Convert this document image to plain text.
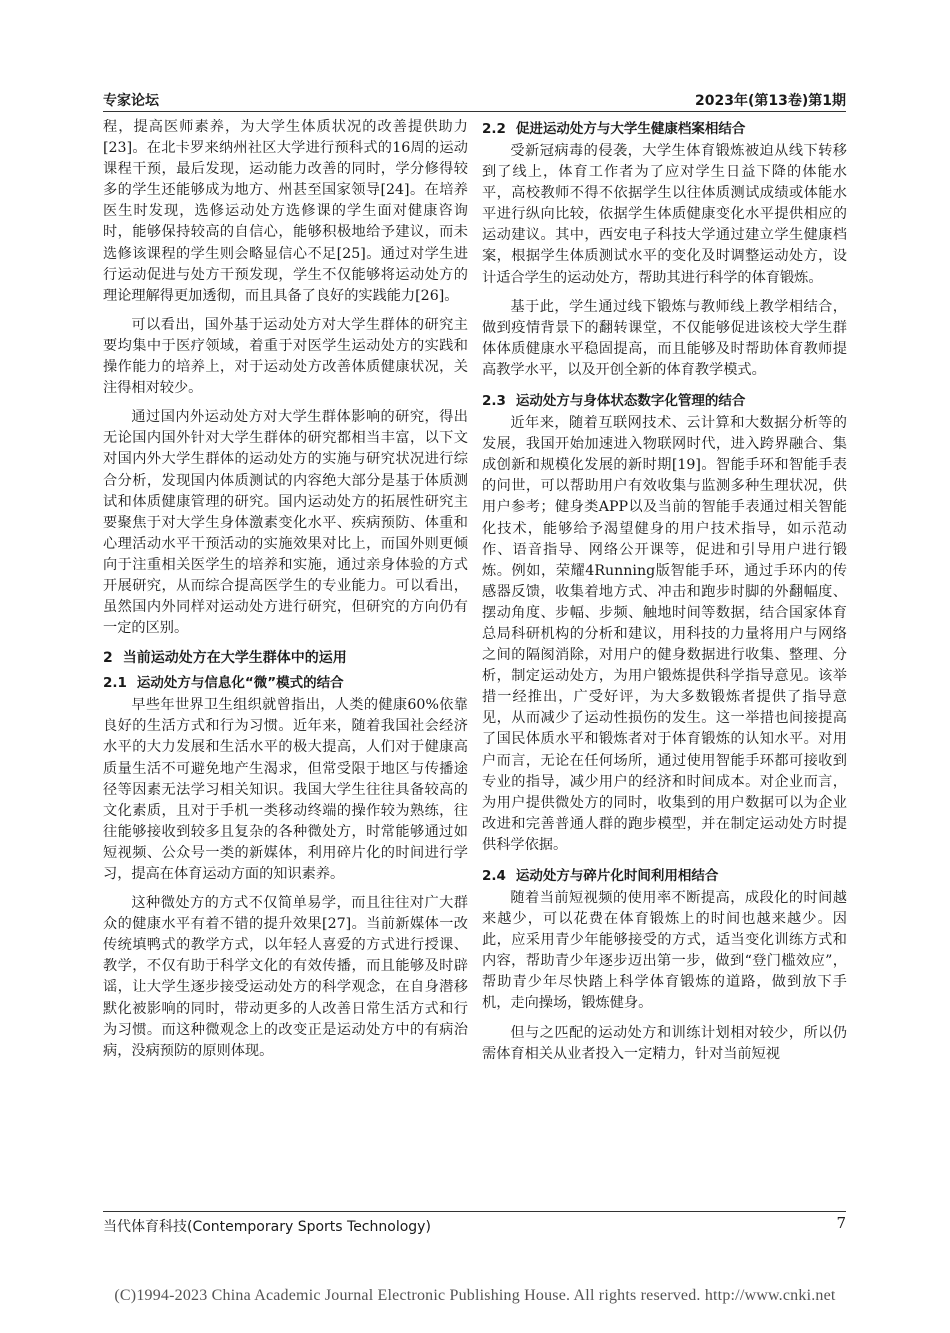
专家论坛	2023年(第13卷)第1期

程，提高医师素养，为大学生体质状况的改善提供助力[23]。在北卡罗来纳州社区大学进行预科式的16周的运动课程干预，最后发现，运动能力改善的同时，学分修得较多的学生还能够成为地方、州甚至国家领导[24]。在培养医生时发现，选修运动处方选修课的学生面对健康咨询时，能够保持较高的自信心，能够积极地给予建议，而未选修该课程的学生则会略显信心不足[25]。通过对学生进行运动促进与处方干预发现，学生不仅能够将运动处方的理论理解得更加透彻，而且具备了良好的实践能力[26]。

可以看出，国外基于运动处方对大学生群体的研究主要均集中于医疗领域，着重于对医学生运动处方的实践和操作能力的培养上，对于运动处方改善体质健康状况，关注得相对较少。

通过国内外运动处方对大学生群体影响的研究，得出无论国内国外针对大学生群体的研究都相当丰富，以下文对国内外大学生群体的运动处方的实施与研究状况进行综合分析，发现国内体质测试的内容绝大部分是基于体质测试和体质健康管理的研究。国内运动处方的拓展性研究主要聚焦于对大学生身体激素变化水平、疾病预防、体重和心理活动水平干预活动的实施效果对比上，而国外则更倾向于注重相关医学生的培养和实施，通过亲身体验的方式开展研究，从而综合提高医学生的专业能力。可以看出，虽然国内外同样对运动处方进行研究，但研究的方向仍有一定的区别。

2 当前运动处方在大学生群体中的运用
2.1 运动处方与信息化“微”模式的结合

早些年世界卫生组织就曾指出，人类的健康60%依靠良好的生活方式和行为习惯。近年来，随着我国社会经济水平的大力发展和生活水平的极大提高，人们对于健康高质量生活不可避免地产生渴求，但常受限于地区与传播途径等因素无法学习相关知识。我国大学生往往具备较高的文化素质，且对于手机一类移动终端的操作较为熟练，往往能够接收到较多且复杂的各种微处方，时常能够通过如短视频、公众号一类的新媒体，利用碎片化的时间进行学习，提高在体育运动方面的知识素养。

这种微处方的方式不仅简单易学，而且往往对广大群众的健康水平有着不错的提升效果[27]。当前新媒体一改传统填鸭式的教学方式，以年轻人喜爱的方式进行授课、教学，不仅有助于科学文化的有效传播，而且能够及时辟谣，让大学生逐步接受运动处方的科学观念，在自身潜移默化被影响的同时，带动更多的人改善日常生活方式和行为习惯。而这种微观念上的改变正是运动处方中的有病治病，没病预防的原则体现。

2.2 促进运动处方与大学生健康档案相结合

受新冠病毒的侵袭，大学生体育锻炼被迫从线下转移到了线上，体育工作者为了应对学生日益下降的体能水平，高校教师不得不依据学生以往体质测试成绩或体能水平进行纵向比较，依据学生体质健康变化水平提供相应的运动建议。其中，西安电子科技大学通过建立学生健康档案，根据学生体质测试水平的变化及时调整运动处方，设计适合学生的运动处方，帮助其进行科学的体育锻炼。

基于此，学生通过线下锻炼与教师线上教学相结合，做到疫情背景下的翻转课堂，不仅能够促进该校大学生群体体质健康水平稳固提高，而且能够及时帮助体育教师提高教学水平，以及开创全新的体育教学模式。

2.3 运动处方与身体状态数字化管理的结合

近年来，随着互联网技术、云计算和大数据分析等的发展，我国开始加速进入物联网时代，进入跨界融合、集成创新和规模化发展的新时期[19]。智能手环和智能手表的问世，可以帮助用户有效收集与监测多种生理状况，供用户参考；健身类APP以及当前的智能手表通过相关智能化技术，能够给予渴望健身的用户技术指导，如示范动作、语音指导、网络公开课等，促进和引导用户进行锻炼。例如，荣耀4Running版智能手环，通过手环内的传感器反馈，收集着地方式、冲击和跑步时脚的外翻幅度、摆动角度、步幅、步频、触地时间等数据，结合国家体育总局科研机构的分析和建议，用科技的力量将用户与网络之间的隔阂消除，对用户的健身数据进行收集、整理、分析，制定运动处方，为用户锻炼提供科学指导意见。该举措一经推出，广受好评，为大多数锻炼者提供了指导意见，从而减少了运动性损伤的发生。这一举措也间接提高了国民体质水平和锻炼者对于体育锻炼的认知水平。对用户而言，无论在任何场所，通过使用智能手环都可接收到专业的指导，减少用户的经济和时间成本。对企业而言，为用户提供微处方的同时，收集到的用户数据可以为企业改进和完善普通人群的跑步模型，并在制定运动处方时提供科学依据。

2.4 运动处方与碎片化时间利用相结合

随着当前短视频的使用率不断提高，成段化的时间越来越少，可以花费在体育锻炼上的时间也越来越少。因此，应采用青少年能够接受的方式，适当变化训练方式和内容，帮助青少年逐步迈出第一步，做到“登门槛效应”，帮助青少年尽快踏上科学体育锻炼的道路，做到放下手机，走向操场，锻炼健身。

但与之匹配的运动处方和训练计划相对较少，所以仍需体育相关从业者投入一定精力，针对当前短视

当代体育科技(Contemporary Sports Technology)	7
(C)1994-2023 China Academic Journal Electronic Publishing House. All rights reserved. http://www.cnki.net
